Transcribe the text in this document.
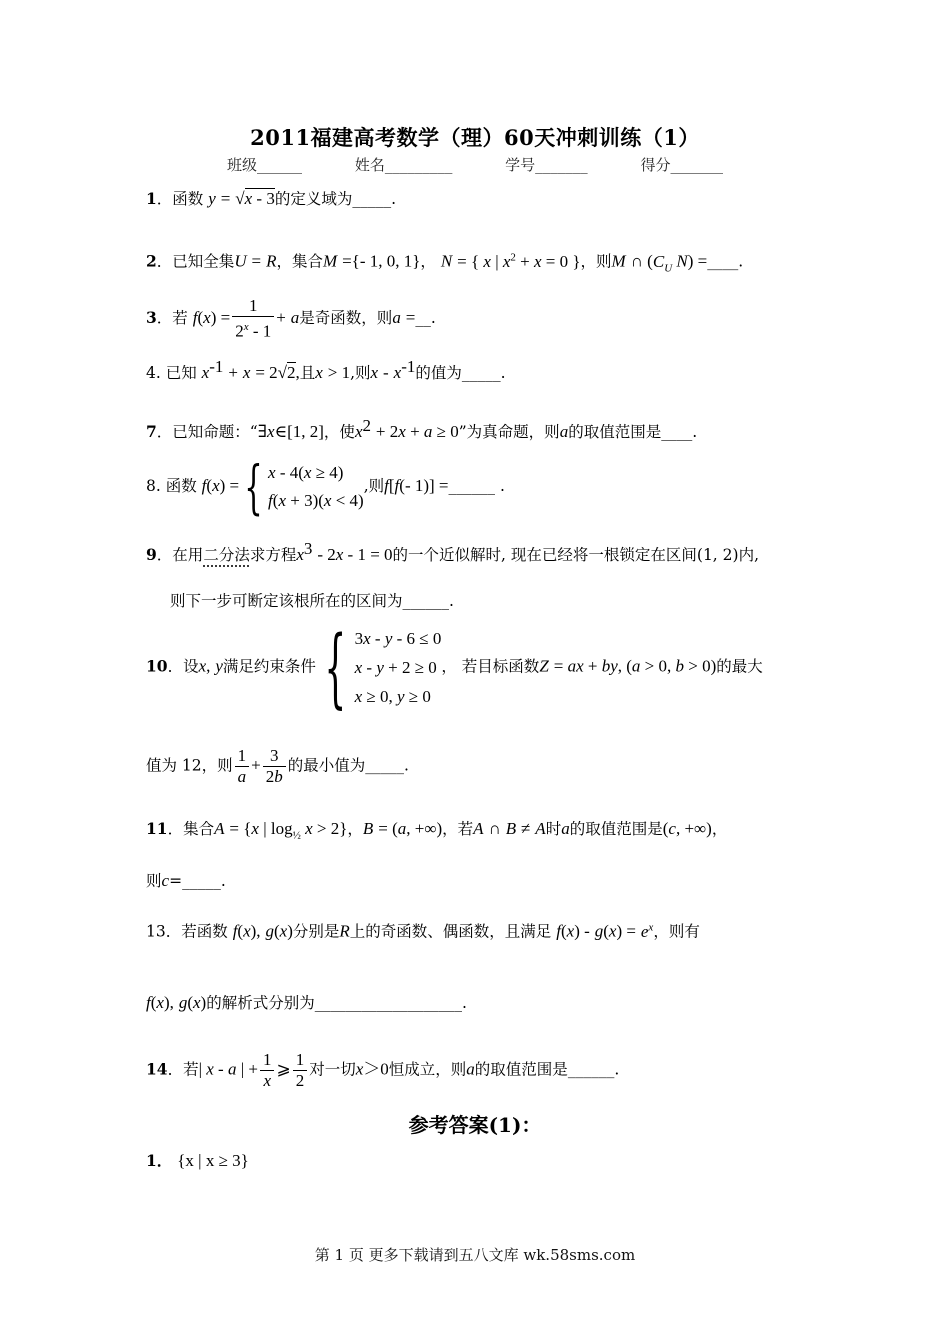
2011福建高考数学（理）60天冲刺训练（1）
班级______	姓名_________	学号_______	得分_______
1．函数 y = √x - 3的定义域为_____.
2．已知全集U = R，集合M ={- 1, 0, 1}， N = { x | $x^2 + x = 0$ }，则M ∩ ($C_U$ N) =____.
3．若 $f(x) = \frac{1}{2^x - 1} + a$是奇函数，则a =__.
4. 已知 $x^{-1} + x = 2√2$,且x > 1,则x - $x^{-1}$的值为_____.
7．已知命题：“∃x∈[1, 2]，使$x^2 + 2x + a \ge 0$”为真命题，则a的取值范围是____.
8. 函数 f(x) ={ x - 4(x ≥ 4)
f(x + 3)(x < 4)
,则f[f(- 1)] =______ .
9．在用二分法求方程$x^3 - 2x - 1 = 0$的一个近似解时, 现在已经将一根锁定在区间(1, 2)内,
则下一步可断定该根所在的区间为______.
10．设x, y满足约束条件{ 3x - y - 6 ≤ 0
x - y + 2 ≥ 0
x ≥ 0, y ≥ 0
， 若目标函数Z = ax + by, (a > 0, b > 0)的最大
值为 12，则 $\frac{1}{a} + \frac{3}{2b}$ 的最小值为_____.
11．集合A = {x | $\log_{\frac{1}{2}} x > 2$}，B = (a, +∞)，若A ∩ B ≠ A时a的取值范围是(c, +∞)，
则c=_____.
13．若函数 f(x), g(x)分别是R上的奇函数、偶函数，且满足 $f(x) - g(x) = e^x$，则有
f(x), g(x)的解析式分别为___________________.
14．若| x - a | + $\frac{1}{x}$ ⩾ $\frac{1}{2}$ 对一切x＞0恒成立，则a的取值范围是______.
参考答案(1)：
1． {x | x ≥ 3}
第 1 页 更多下载请到五八文库 wk.58sms.com
